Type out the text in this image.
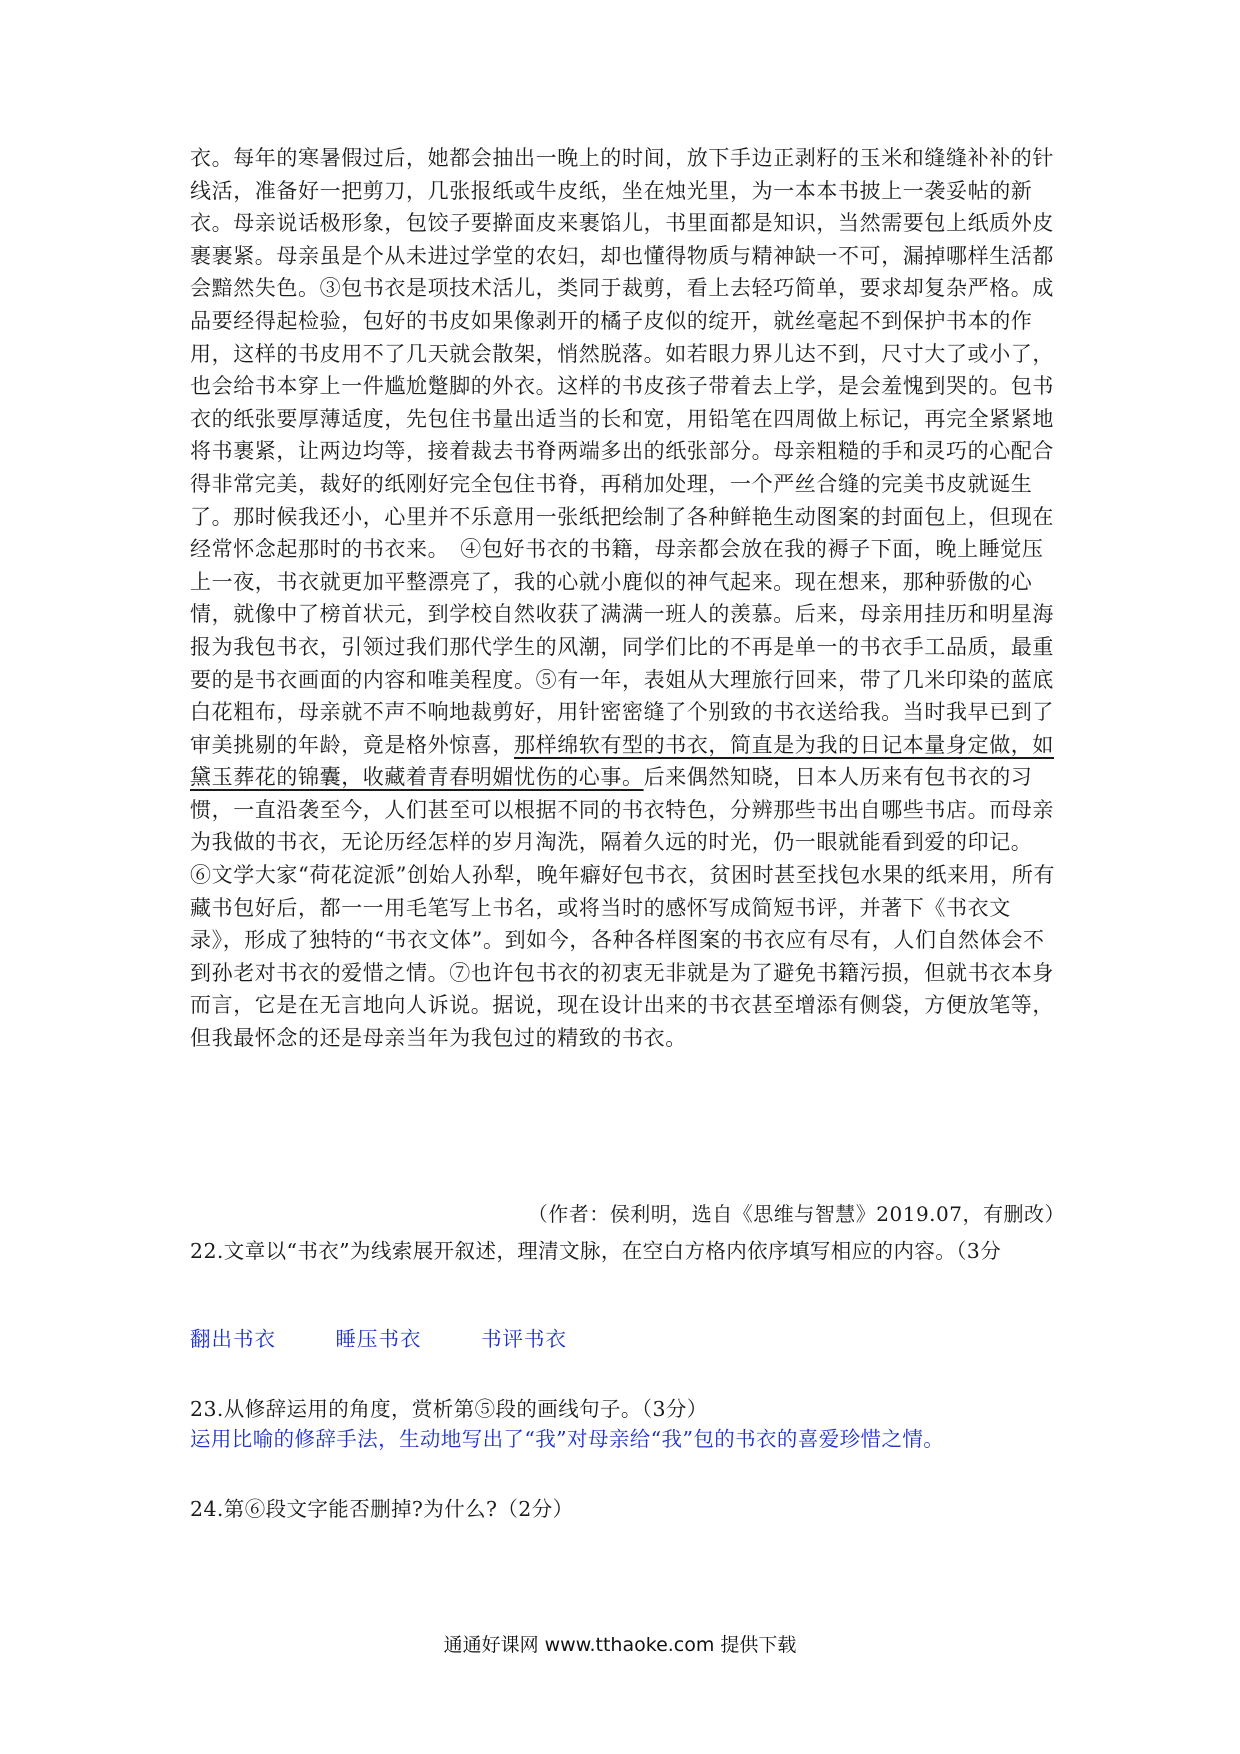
衣。每年的寒暑假过后，她都会抽出一晚上的时间，放下手边正剥籽的玉米和缝缝补补的针线活，准备好一把剪刀，几张报纸或牛皮纸，坐在烛光里，为一本本书披上一袭妥帖的新衣。母亲说话极形象，包饺子要擀面皮来裹馅儿，书里面都是知识，当然需要包上纸质外皮裹裹紧。母亲虽是个从未进过学堂的农妇，却也懂得物质与精神缺一不可，漏掉哪样生活都会黯然失色。③包书衣是项技术活儿，类同于裁剪，看上去轻巧简单，要求却复杂严格。成品要经得起检验，包好的书皮如果像剥开的橘子皮似的绽开，就丝毫起不到保护书本的作用，这样的书皮用不了几天就会散架，悄然脱落。如若眼力界儿达不到，尺寸大了或小了，也会给书本穿上一件尴尬蹩脚的外衣。这样的书皮孩子带着去上学，是会羞愧到哭的。包书衣的纸张要厚薄适度，先包住书量出适当的长和宽，用铅笔在四周做上标记，再完全紧紧地将书裹紧，让两边均等，接着裁去书脊两端多出的纸张部分。母亲粗糙的手和灵巧的心配合得非常完美，裁好的纸刚好完全包住书脊，再稍加处理，一个严丝合缝的完美书皮就诞生了。那时候我还小，心里并不乐意用一张纸把绘制了各种鲜艳生动图案的封面包上，但现在经常怀念起那时的书衣来。　④包好书衣的书籍，母亲都会放在我的褥子下面，晚上睡觉压上一夜，书衣就更加平整漂亮了，我的心就小鹿似的神气起来。现在想来，那种骄傲的心情，就像中了榜首状元，到学校自然收获了满满一班人的羡慕。后来，母亲用挂历和明星海报为我包书衣，引领过我们那代学生的风潮，同学们比的不再是单一的书衣手工品质，最重要的是书衣画面的内容和唯美程度。⑤有一年，表姐从大理旅行回来，带了几米印染的蓝底白花粗布，母亲就不声不响地裁剪好，用针密密缝了个别致的书衣送给我。当时我早已到了审美挑剔的年龄，竟是格外惊喜，那样绵软有型的书衣，简直是为我的日记本量身定做，如黛玉葬花的锦囊，收藏着青春明媚忧伤的心事。后来偶然知晓，日本人历来有包书衣的习惯，一直沿袭至今，人们甚至可以根据不同的书衣特色，分辨那些书出自哪些书店。而母亲为我做的书衣，无论历经怎样的岁月淘洗，隔着久远的时光，仍一眼就能看到爱的印记。　⑥文学大家“荷花淀派”创始人孙犁，晚年癖好包书衣，贫困时甚至找包水果的纸来用，所有藏书包好后，都一一用毛笔写上书名，或将当时的感怀写成简短书评，并著下《书衣文录》，形成了独特的“书衣文体”。到如今，各种各样图案的书衣应有尽有，人们自然体会不到孙老对书衣的爱惜之情。⑦也许包书衣的初衷无非就是为了避免书籍污损，但就书衣本身而言，它是在无言地向人诉说。据说，现在设计出来的书衣甚至增添有侧袋，方便放笔等，但我最怀念的还是母亲当年为我包过的精致的书衣。
（作者：侯利明，选自《思维与智慧》2019.07，有删改）
22.文章以“书衣”为线索展开叙述，理清文脉，在空白方格内依序填写相应的内容。（3分
翻出书衣	睡压书衣	书评书衣
23.从修辞运用的角度，赏析第⑤段的画线句子。（3分）
运用比喻的修辞手法，生动地写出了“我”对母亲给“我”包的书衣的喜爱珍惜之情。
24.第⑥段文字能否删掉?为什么?（2分）
通通好课网 www.tthaoke.com 提供下载
